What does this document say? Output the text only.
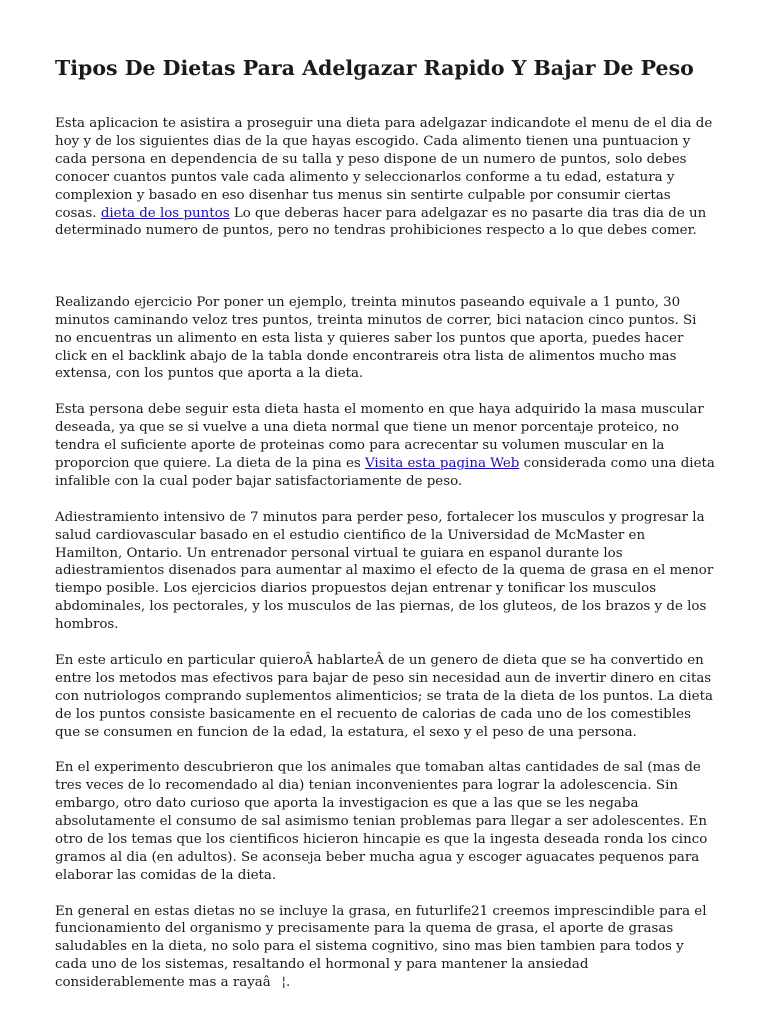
Tipos De Dietas Para Adelgazar Rapido Y Bajar De Peso

Esta aplicacion te asistira a proseguir una dieta para adelgazar indicandote el menu de el dia de hoy y de los siguientes dias de la que hayas escogido. Cada alimento tienen una puntuacion y cada persona en dependencia de su talla y peso dispone de un numero de puntos, solo debes conocer cuantos puntos vale cada alimento y seleccionarlos conforme a tu edad, estatura y complexion y basado en eso disenhar tus menus sin sentirte culpable por consumir ciertas cosas. dieta de los puntos Lo que deberas hacer para adelgazar es no pasarte dia tras dia de un determinado numero de puntos, pero no tendras prohibiciones respecto a lo que debes comer.

Realizando ejercicio Por poner un ejemplo, treinta minutos paseando equivale a 1 punto, 30 minutos caminando veloz tres puntos, treinta minutos de correr, bici natacion cinco puntos. Si no encuentras un alimento en esta lista y quieres saber los puntos que aporta, puedes hacer click en el backlink abajo de la tabla donde encontrareis otra lista de alimentos mucho mas extensa, con los puntos que aporta a la dieta.

Esta persona debe seguir esta dieta hasta el momento en que haya adquirido la masa muscular deseada, ya que se si vuelve a una dieta normal que tiene un menor porcentaje proteico, no tendra el suficiente aporte de proteinas como para acrecentar su volumen muscular en la proporcion que quiere. La dieta de la pina es Visita esta pagina Web considerada como una dieta infalible con la cual poder bajar satisfactoriamente de peso.

Adiestramiento intensivo de 7 minutos para perder peso, fortalecer los musculos y progresar la salud cardiovascular basado en el estudio cientifico de la Universidad de McMaster en Hamilton, Ontario. Un entrenador personal virtual te guiara en espanol durante los adiestramientos disenados para aumentar al maximo el efecto de la quema de grasa en el menor tiempo posible. Los ejercicios diarios propuestos dejan entrenar y tonificar los musculos abdominales, los pectorales, y los musculos de las piernas, de los gluteos, de los brazos y de los hombros.

En este articulo en particular quieroÂ hablarteÂ de un genero de dieta que se ha convertido en entre los metodos mas efectivos para bajar de peso sin necesidad aun de invertir dinero en citas con nutriologos comprando suplementos alimenticios; se trata de la dieta de los puntos. La dieta de los puntos consiste basicamente en el recuento de calorias de cada uno de los comestibles que se consumen en funcion de la edad, la estatura, el sexo y el peso de una persona.

En el experimento descubrieron que los animales que tomaban altas cantidades de sal (mas de tres veces de lo recomendado al dia) tenian inconvenientes para lograr la adolescencia. Sin embargo, otro dato curioso que aporta la investigacion es que a las que se les negaba absolutamente el consumo de sal asimismo tenian problemas para llegar a ser adolescentes. En otro de los temas que los cientificos hicieron hincapie es que la ingesta deseada ronda los cinco gramos al dia (en adultos). Se aconseja beber mucha agua y escoger aguacates pequenos para elaborar las comidas de la dieta.

En general en estas dietas no se incluye la grasa, en futurlife21 creemos imprescindible para el funcionamiento del organismo y precisamente para la quema de grasa, el aporte de grasas saludables en la dieta, no solo para el sistema cognitivo, sino mas bien tambien para todos y cada uno de los sistemas, resaltando el hormonal y para mantener la ansiedad considerablemente mas a rayaâ¦.
